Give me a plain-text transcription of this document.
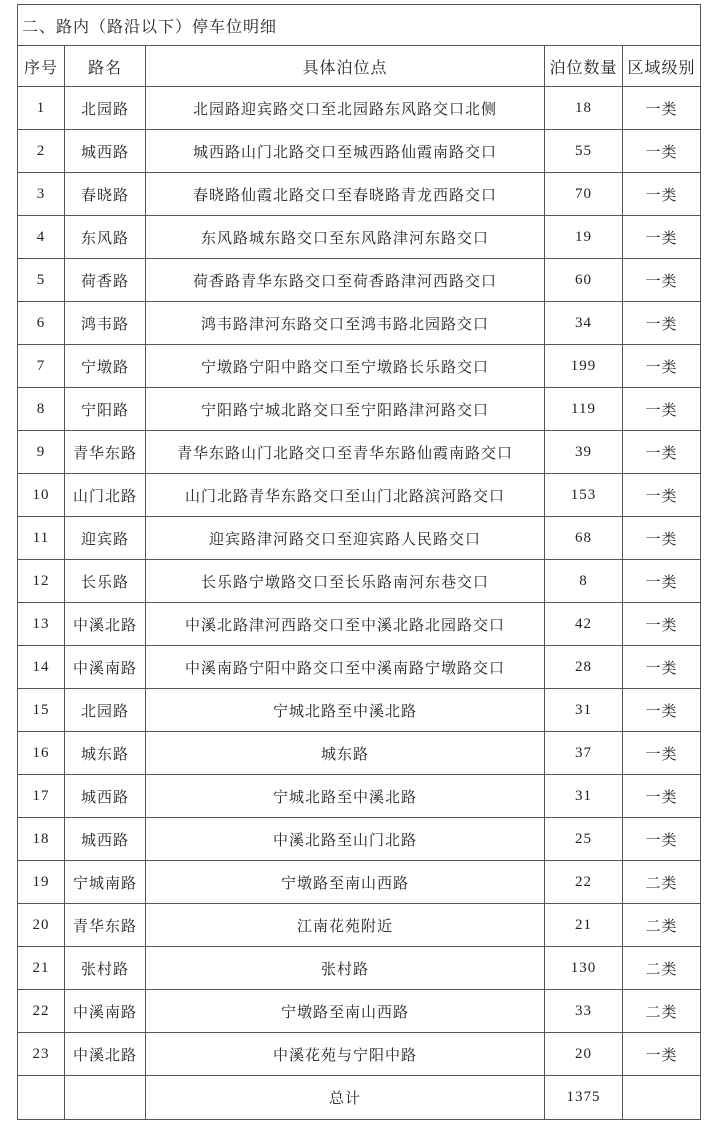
二、路内（路沿以下）停车位明细				
序号	路名	具体泊位点	泊位数量	区域级别
1	北园路	北园路迎宾路交口至北园路东风路交口北侧	18	一类
2	城西路	城西路山门北路交口至城西路仙霞南路交口	55	一类
3	春晓路	春晓路仙霞北路交口至春晓路青龙西路交口	70	一类
4	东风路	东风路城东路交口至东风路津河东路交口	19	一类
5	荷香路	荷香路青华东路交口至荷香路津河西路交口	60	一类
6	鸿韦路	鸿韦路津河东路交口至鸿韦路北园路交口	34	一类
7	宁墩路	宁墩路宁阳中路交口至宁墩路长乐路交口	199	一类
8	宁阳路	宁阳路宁城北路交口至宁阳路津河路交口	119	一类
9	青华东路	青华东路山门北路交口至青华东路仙霞南路交口	39	一类
10	山门北路	山门北路青华东路交口至山门北路滨河路交口	153	一类
11	迎宾路	迎宾路津河路交口至迎宾路人民路交口	68	一类
12	长乐路	长乐路宁墩路交口至长乐路南河东巷交口	8	一类
13	中溪北路	中溪北路津河西路交口至中溪北路北园路交口	42	一类
14	中溪南路	中溪南路宁阳中路交口至中溪南路宁墩路交口	28	一类
15	北园路	宁城北路至中溪北路	31	一类
16	城东路	城东路	37	一类
17	城西路	宁城北路至中溪北路	31	一类
18	城西路	中溪北路至山门北路	25	一类
19	宁城南路	宁墩路至南山西路	22	二类
20	青华东路	江南花苑附近	21	二类
21	张村路	张村路	130	二类
22	中溪南路	宁墩路至南山西路	33	二类
23	中溪北路	中溪花苑与宁阳中路	20	一类
		总计	1375	
